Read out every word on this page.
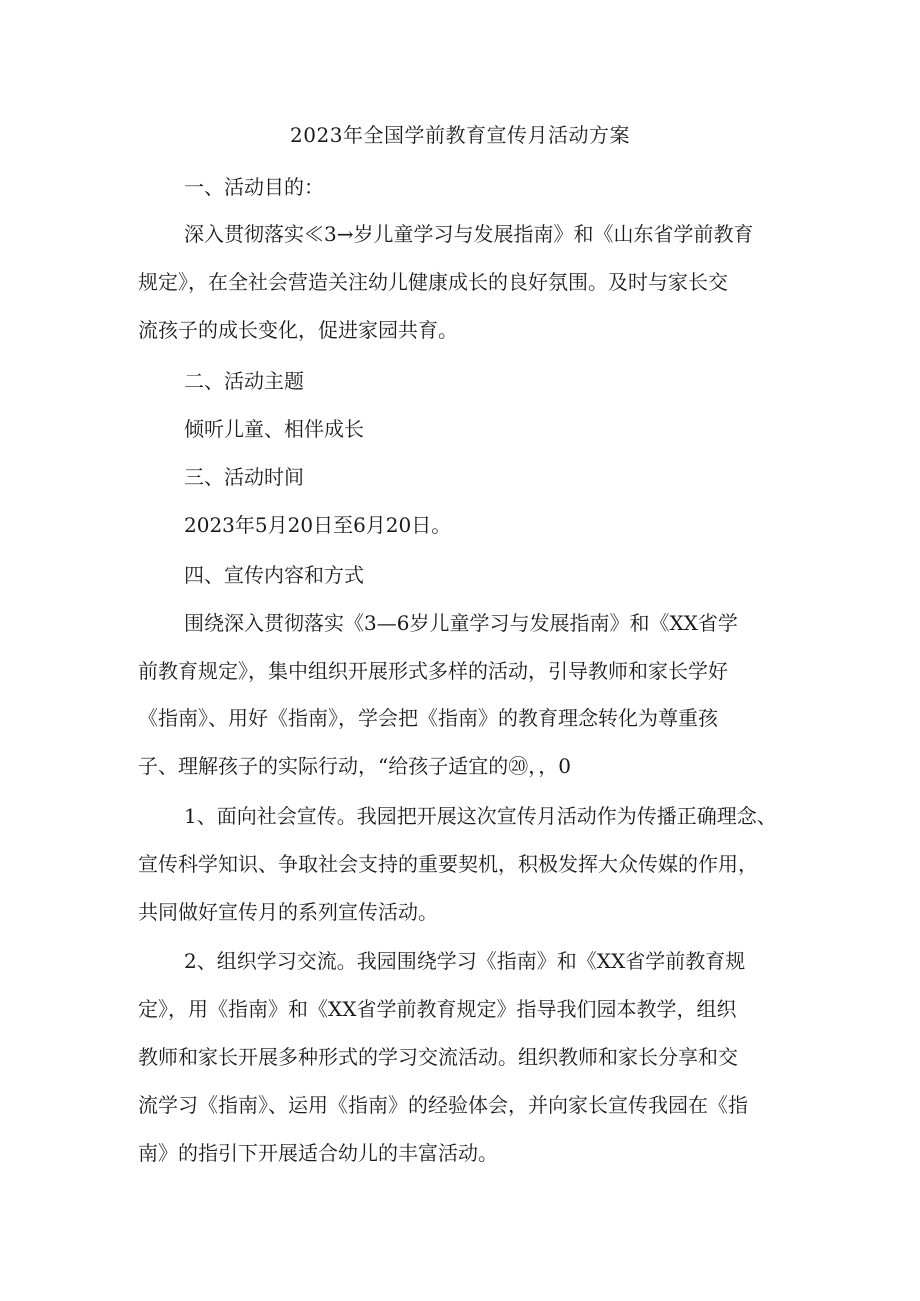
2023年全国学前教育宣传月活动方案
一、活动目的：
深入贯彻落实≪3→岁儿童学习与发展指南》和《山东省学前教育
规定》，在全社会营造关注幼儿健康成长的良好氛围。及时与家长交
流孩子的成长变化，促进家园共育。
二、活动主题
倾听儿童、相伴成长
三、活动时间
2023年5月20日至6月20日。
四、宣传内容和方式
围绕深入贯彻落实《3—6岁儿童学习与发展指南》和《XX省学
前教育规定》，集中组织开展形式多样的活动，引导教师和家长学好
《指南》、用好《指南》，学会把《指南》的教育理念转化为尊重孩
子、理解孩子的实际行动，“给孩子适宜的⑳，，0
1、面向社会宣传。我园把开展这次宣传月活动作为传播正确理念、
宣传科学知识、争取社会支持的重要契机，积极发挥大众传媒的作用，
共同做好宣传月的系列宣传活动。
2、组织学习交流。我园围绕学习《指南》和《XX省学前教育规
定》，用《指南》和《XX省学前教育规定》指导我们园本教学，组织
教师和家长开展多种形式的学习交流活动。组织教师和家长分享和交
流学习《指南》、运用《指南》的经验体会，并向家长宣传我园在《指
南》的指引下开展适合幼儿的丰富活动。
